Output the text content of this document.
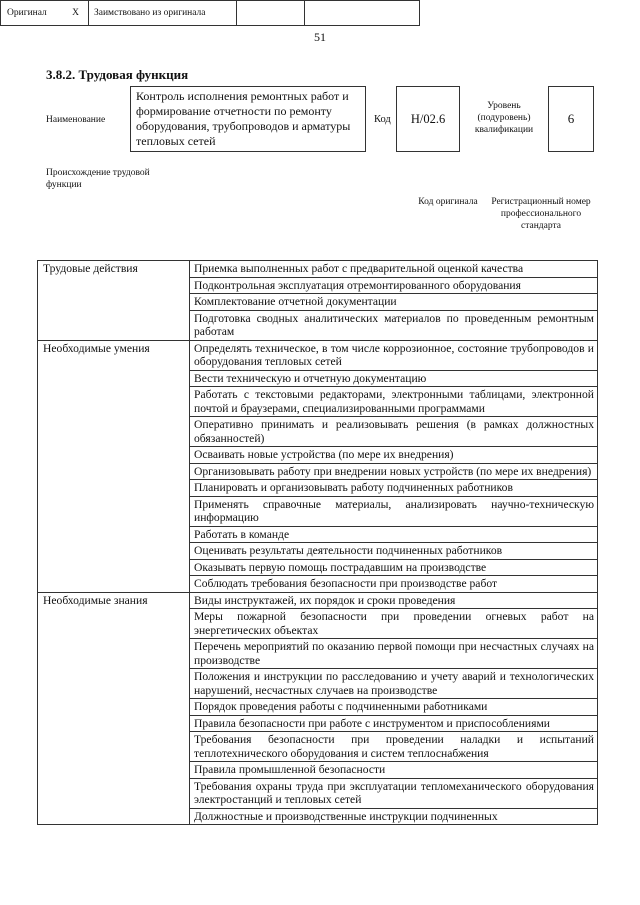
51
3.8.2. Трудовая функция
Наименование
Контроль исполнения ремонтных работ и формирование отчетности по ремонту оборудования, трубопроводов и арматуры тепловых сетей
Код	Н/02.6
Уровень (подуровень) квалификации
6
Происхождение трудовой функции
Оригинал	X	Заимствовано из оригинала
Код оригинала	Регистрационный номер профессионального стандарта
Трудовые действия	Приемка выполненных работ с предварительной оценкой качества
	Подконтрольная эксплуатация отремонтированного оборудования
	Комплектование отчетной документации
	Подготовка сводных аналитических материалов по проведенным ремонтным работам
Необходимые умения	Определять техническое, в том числе коррозионное, состояние трубопроводов и оборудования тепловых сетей
	Вести техническую и отчетную документацию
	Работать с текстовыми редакторами, электронными таблицами, электронной почтой и браузерами, специализированными программами
	Оперативно принимать и реализовывать решения (в рамках должностных обязанностей)
	Осваивать новые устройства (по мере их внедрения)
	Организовывать работу при внедрении новых устройств (по мере их внедрения)
	Планировать и организовывать работу подчиненных работников
	Применять справочные материалы, анализировать научно-техническую информацию
	Работать в команде
	Оценивать результаты деятельности подчиненных работников
	Оказывать первую помощь пострадавшим на производстве
	Соблюдать требования безопасности при производстве работ
Необходимые знания	Виды инструктажей, их порядок и сроки проведения
	Меры пожарной безопасности при проведении огневых работ на энергетических объектах
	Перечень мероприятий по оказанию первой помощи при несчастных случаях на производстве
	Положения и инструкции по расследованию и учету аварий и технологических нарушений, несчастных случаев на производстве
	Порядок проведения работы с подчиненными работниками
	Правила безопасности при работе с инструментом и приспособлениями
	Требования безопасности при проведении наладки и испытаний теплотехнического оборудования и систем теплоснабжения
	Правила промышленной безопасности
	Требования охраны труда при эксплуатации тепломеханического оборудования электростанций и тепловых сетей
	Должностные и производственные инструкции подчиненных
